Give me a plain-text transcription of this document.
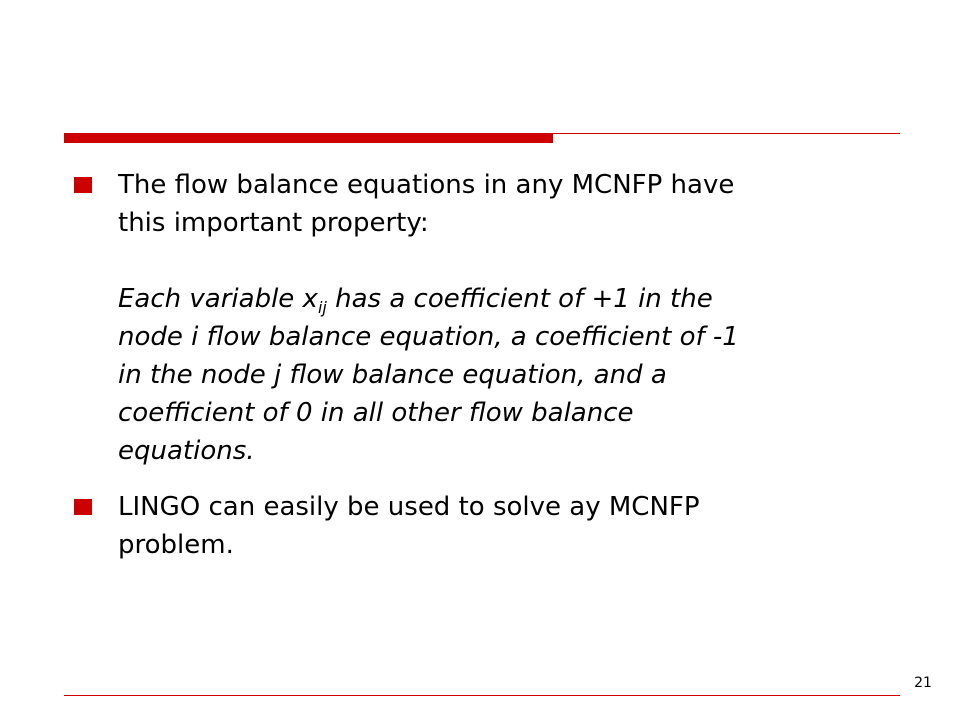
The flow balance equations in any MCNFP have
this important property:
Each variable $x_{ij}$ has a coefficient of +1 in the
node i flow balance equation, a coefficient of -1
in the node j flow balance equation, and a
coefficient of 0 in all other flow balance
equations.
LINGO can easily be used to solve ay MCNFP
problem.
21
